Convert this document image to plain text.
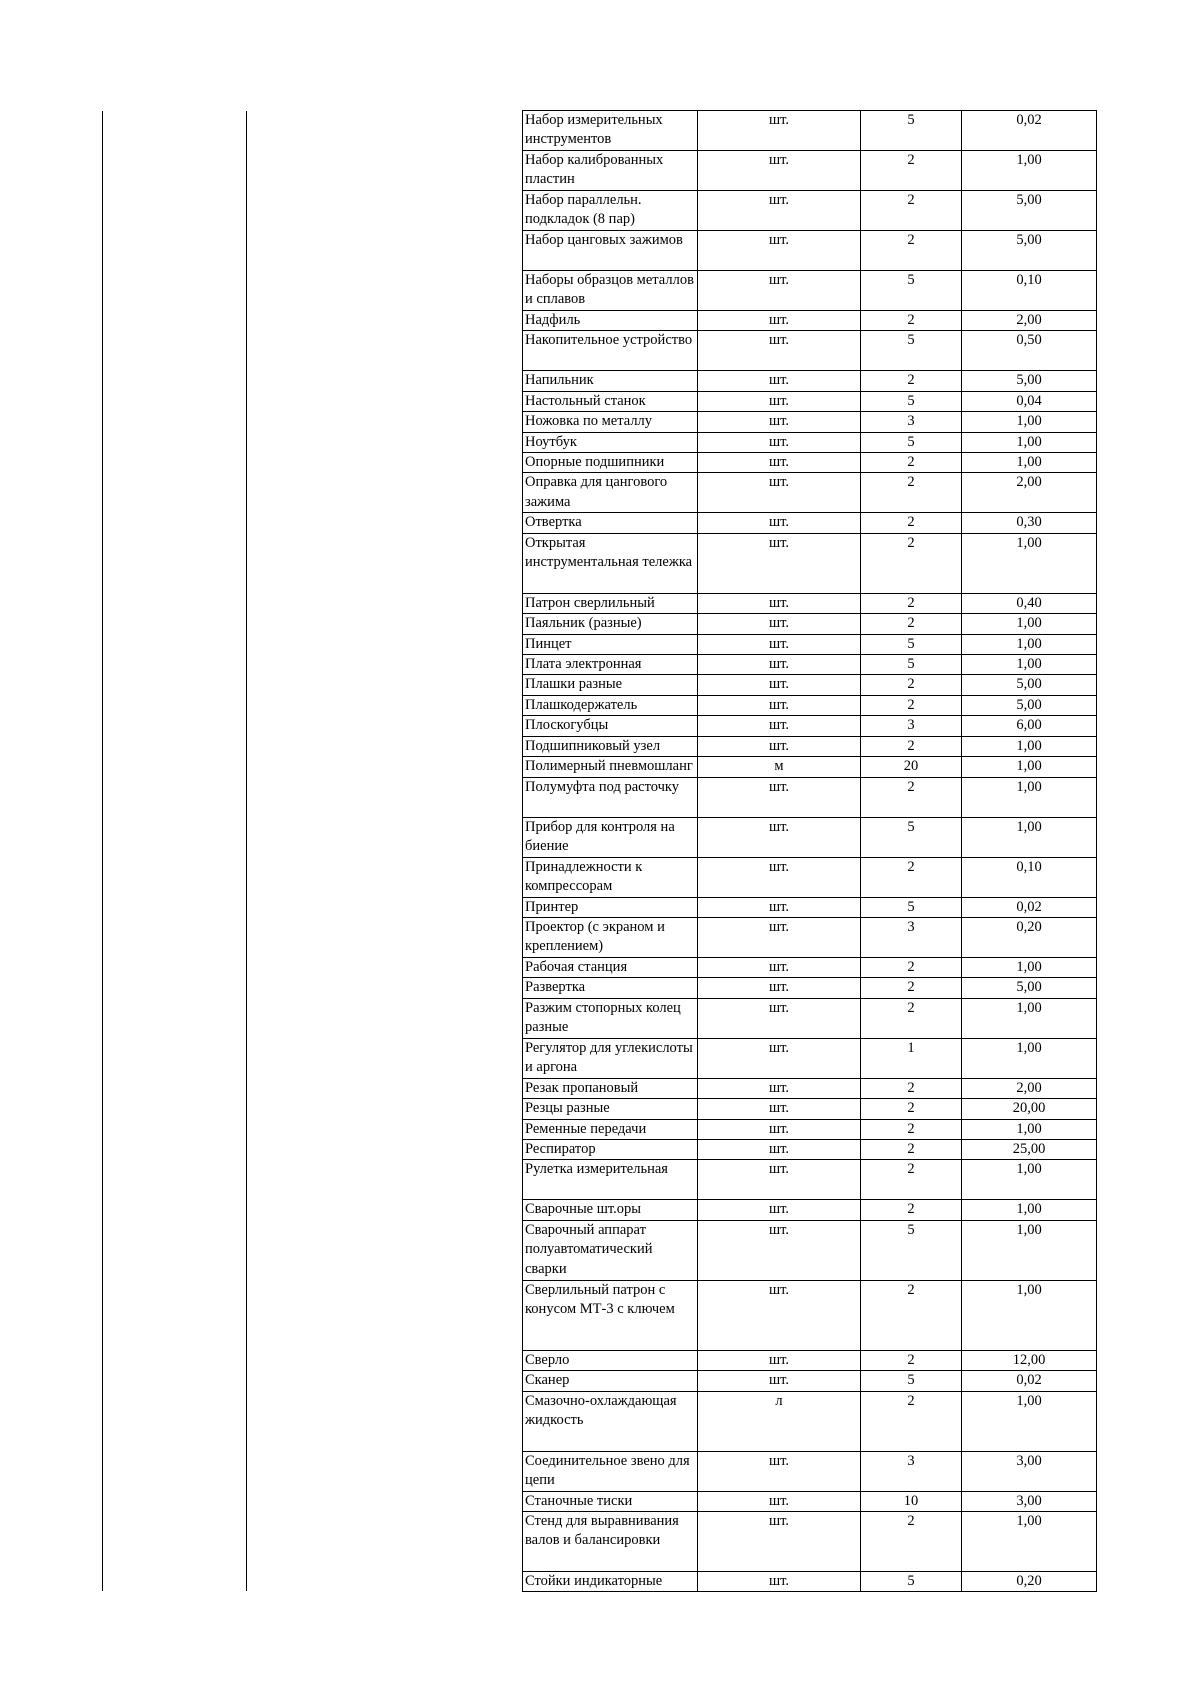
Набор измерительных инструментов	шт.	5	0,02
Набор калиброванных пластин	шт.	2	1,00
Набор параллельн. подкладок (8 пар)	шт.	2	5,00
Набор цанговых зажимов	шт.	2	5,00
Наборы образцов металлов и сплавов	шт.	5	0,10
Надфиль	шт.	2	2,00
Накопительное устройство	шт.	5	0,50
Напильник	шт.	2	5,00
Настольный станок	шт.	5	0,04
Ножовка по металлу	шт.	3	1,00
Ноутбук	шт.	5	1,00
Опорные подшипники	шт.	2	1,00
Оправка для цангового зажима	шт.	2	2,00
Отвертка	шт.	2	0,30
Открытая инструментальная тележка	шт.	2	1,00
Патрон сверлильный	шт.	2	0,40
Паяльник (разные)	шт.	2	1,00
Пинцет	шт.	5	1,00
Плата электронная	шт.	5	1,00
Плашки разные	шт.	2	5,00
Плашкодержатель	шт.	2	5,00
Плоскогубцы	шт.	3	6,00
Подшипниковый узел	шт.	2	1,00
Полимерный пневмошланг	м	20	1,00
Полумуфта под расточку	шт.	2	1,00
Прибор для контроля на биение	шт.	5	1,00
Принадлежности к компрессорам	шт.	2	0,10
Принтер	шт.	5	0,02
Проектор (с экраном и креплением)	шт.	3	0,20
Рабочая станция	шт.	2	1,00
Развертка	шт.	2	5,00
Разжим стопорных колец разные	шт.	2	1,00
Регулятор для углекислоты и аргона	шт.	1	1,00
Резак пропановый	шт.	2	2,00
Резцы разные	шт.	2	20,00
Ременные передачи	шт.	2	1,00
Респиратор	шт.	2	25,00
Рулетка измерительная	шт.	2	1,00
Сварочные шт.оры	шт.	2	1,00
Сварочный аппарат полуавтоматический сварки	шт.	5	1,00
Сверлильный патрон с конусом МТ-3 с ключем	шт.	2	1,00
Сверло	шт.	2	12,00
Сканер	шт.	5	0,02
Смазочно-охлаждающая жидкость	л	2	1,00
Соединительное звено для цепи	шт.	3	3,00
Станочные тиски	шт.	10	3,00
Стенд для выравнивания валов и балансировки	шт.	2	1,00
Стойки индикаторные	шт.	5	0,20
